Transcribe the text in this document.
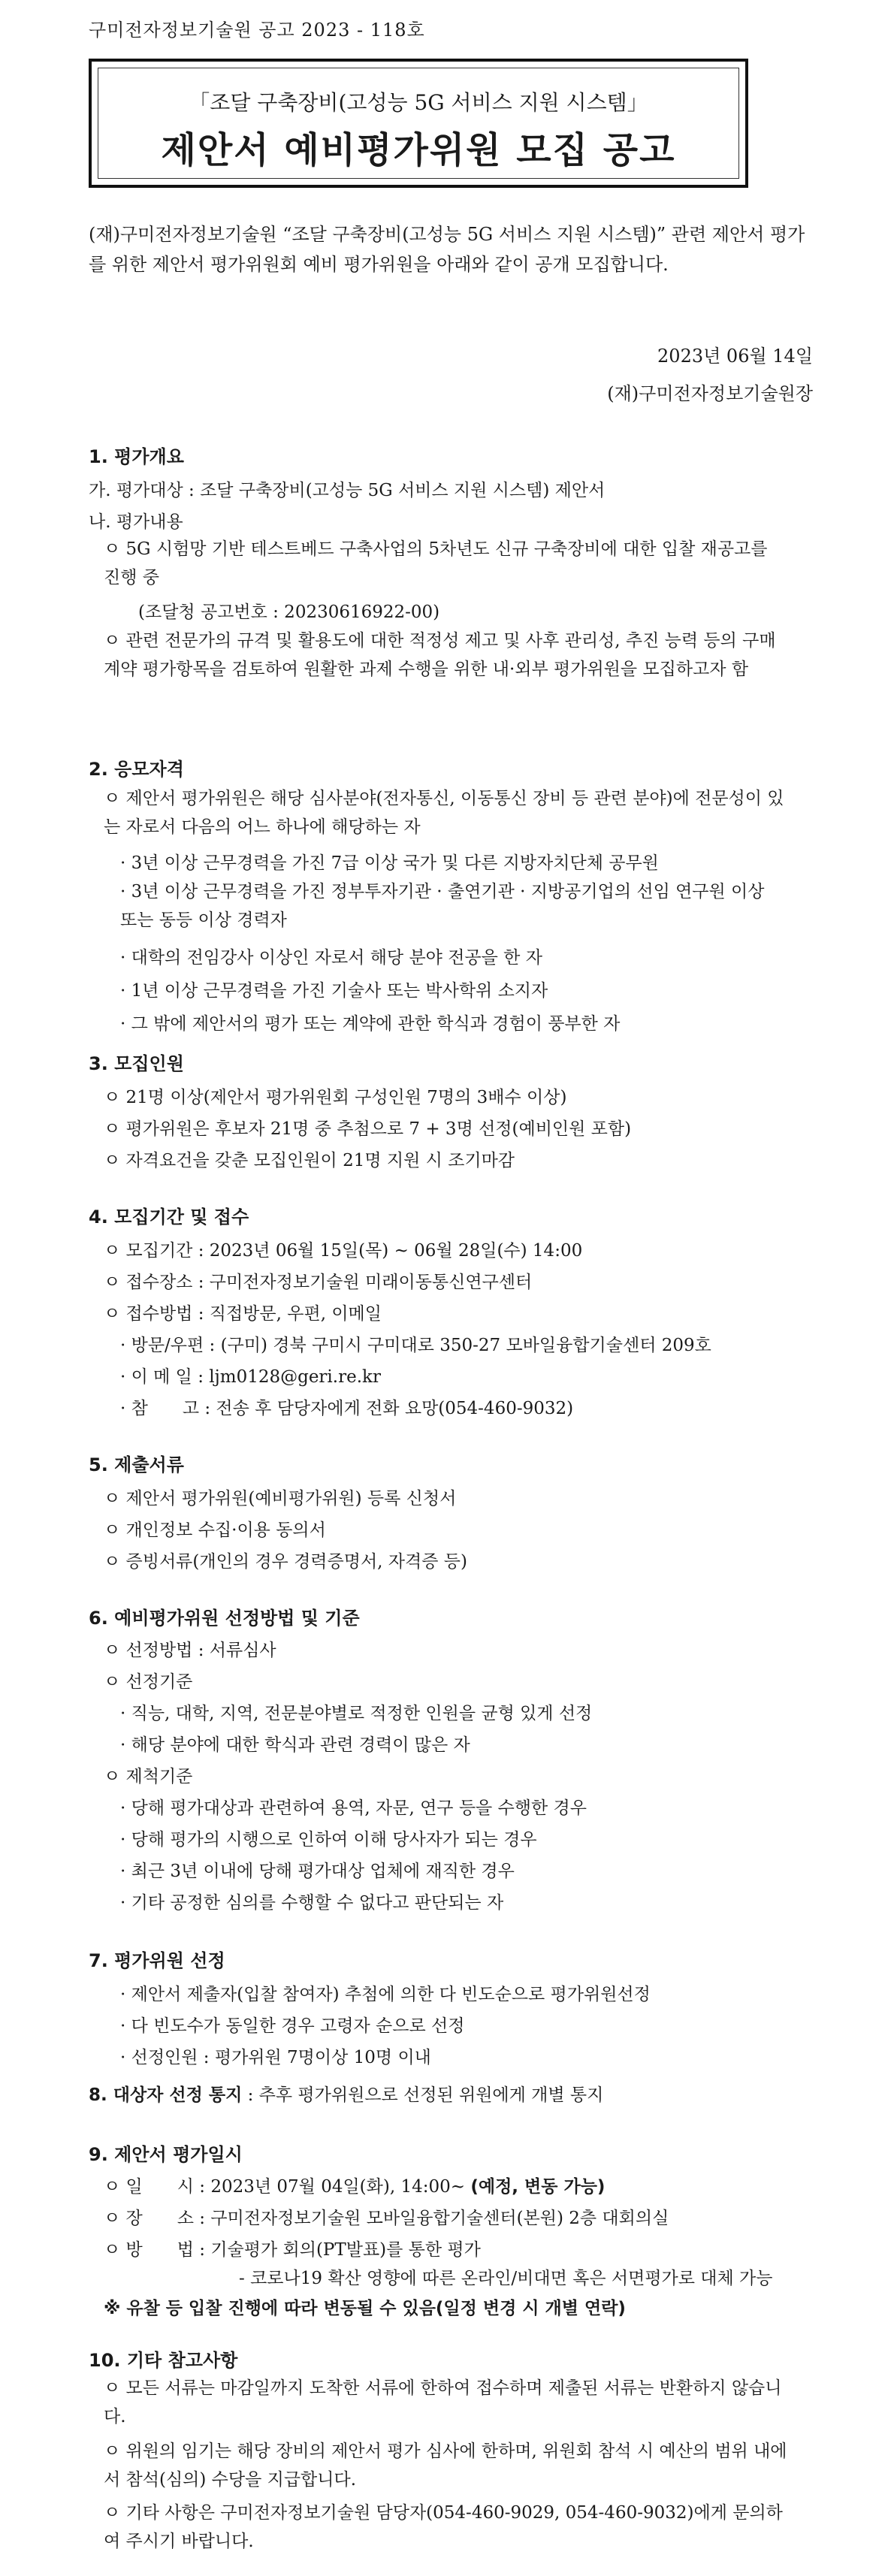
구미전자정보기술원 공고 2023 - 118호
「조달 구축장비(고성능 5G 서비스 지원 시스템」
제안서 예비평가위원 모집 공고
(재)구미전자정보기술원 “조달 구축장비(고성능 5G 서비스 지원 시스템)” 관련 제안서 평가를 위한 제안서 평가위원회 예비 평가위원을 아래와 같이 공개 모집합니다.
2023년 06월 14일
(재)구미전자정보기술원장
1. 평가개요
가. 평가대상 : 조달 구축장비(고성능 5G 서비스 지원 시스템) 제안서
나. 평가내용
ㅇ 5G 시험망 기반 테스트베드 구축사업의 5차년도 신규 구축장비에 대한 입찰 재공고를 진행 중
(조달청 공고번호 : 20230616922-00)
ㅇ 관련 전문가의 규격 및 활용도에 대한 적정성 제고 및 사후 관리성, 추진 능력 등의 구매계약 평가항목을 검토하여 원활한 과제 수행을 위한 내·외부 평가위원을 모집하고자 함
2. 응모자격
ㅇ 제안서 평가위원은 해당 심사분야(전자통신, 이동통신 장비 등 관련 분야)에 전문성이 있는 자로서 다음의 어느 하나에 해당하는 자
· 3년 이상 근무경력을 가진 7급 이상 국가 및 다른 지방자치단체 공무원
· 3년 이상 근무경력을 가진 정부투자기관 · 출연기관 · 지방공기업의 선임 연구원 이상 또는 동등 이상 경력자
· 대학의 전임강사 이상인 자로서 해당 분야 전공을 한 자
· 1년 이상 근무경력을 가진 기술사 또는 박사학위 소지자
· 그 밖에 제안서의 평가 또는 계약에 관한 학식과 경험이 풍부한 자
3. 모집인원
ㅇ 21명 이상(제안서 평가위원회 구성인원 7명의 3배수 이상)
ㅇ 평가위원은 후보자 21명 중 추첨으로 7 + 3명 선정(예비인원 포함)
ㅇ 자격요건을 갖춘 모집인원이 21명 지원 시 조기마감
4. 모집기간 및 접수
ㅇ 모집기간 : 2023년 06월 15일(목) ~ 06월 28일(수) 14:00
ㅇ 접수장소 : 구미전자정보기술원 미래이동통신연구센터
ㅇ 접수방법 : 직접방문, 우편, 이메일
· 방문/우편 : (구미) 경북 구미시 구미대로 350-27 모바일융합기술센터 209호
· 이 메 일 : ljm0128@geri.re.kr
· 참　　고 : 전송 후 담당자에게 전화 요망(054-460-9032)
5. 제출서류
ㅇ 제안서 평가위원(예비평가위원) 등록 신청서
ㅇ 개인정보 수집·이용 동의서
ㅇ 증빙서류(개인의 경우 경력증명서, 자격증 등)
6. 예비평가위원 선정방법 및 기준
ㅇ 선정방법 : 서류심사
ㅇ 선정기준
· 직능, 대학, 지역, 전문분야별로 적정한 인원을 균형 있게 선정
· 해당 분야에 대한 학식과 관련 경력이 많은 자
ㅇ 제척기준
· 당해 평가대상과 관련하여 용역, 자문, 연구 등을 수행한 경우
· 당해 평가의 시행으로 인하여 이해 당사자가 되는 경우
· 최근 3년 이내에 당해 평가대상 업체에 재직한 경우
· 기타 공정한 심의를 수행할 수 없다고 판단되는 자
7. 평가위원 선정
· 제안서 제출자(입찰 참여자) 추첨에 의한 다 빈도순으로 평가위원선정
· 다 빈도수가 동일한 경우 고령자 순으로 선정
· 선정인원 : 평가위원 7명이상 10명 이내
8. 대상자 선정 통지 : 추후 평가위원으로 선정된 위원에게 개별 통지
9. 제안서 평가일시
ㅇ 일　　시 : 2023년 07월 04일(화), 14:00~ (예정, 변동 가능)
ㅇ 장　　소 : 구미전자정보기술원 모바일융합기술센터(본원) 2층 대회의실
ㅇ 방　　법 : 기술평가 회의(PT발표)를 통한 평가
- 코로나19 확산 영향에 따른 온라인/비대면 혹은 서면평가로 대체 가능
※ 유찰 등 입찰 진행에 따라 변동될 수 있음(일정 변경 시 개별 연락)
10. 기타 참고사항
ㅇ 모든 서류는 마감일까지 도착한 서류에 한하여 접수하며 제출된 서류는 반환하지 않습니다.
ㅇ 위원의 임기는 해당 장비의 제안서 평가 심사에 한하며, 위원회 참석 시 예산의 범위 내에서 참석(심의) 수당을 지급합니다.
ㅇ 기타 사항은 구미전자정보기술원 담당자(054-460-9029, 054-460-9032)에게 문의하여 주시기 바랍니다.
